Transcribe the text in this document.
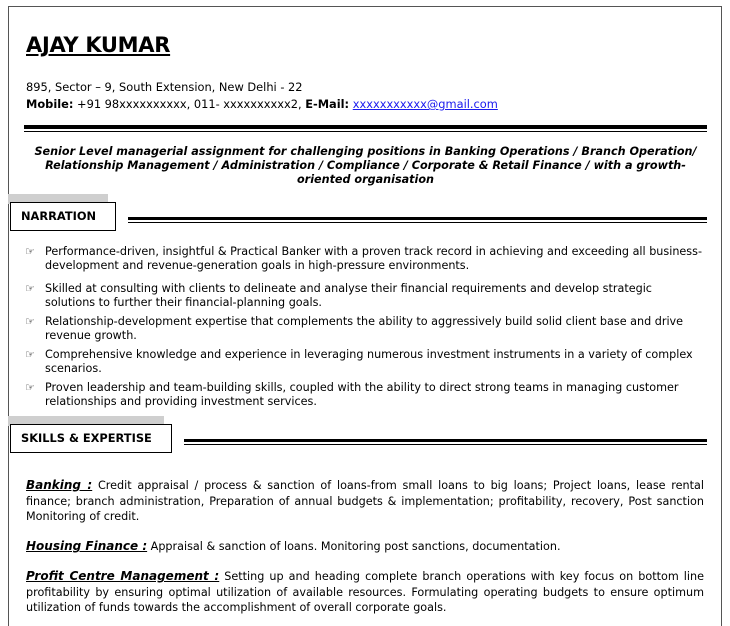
AJAY KUMAR
895, Sector – 9, South Extension, New Delhi - 22
Mobile: +91 98xxxxxxxxxx, 011- xxxxxxxxxx2, E-Mail: xxxxxxxxxxx@gmail.com
Senior Level managerial assignment for challenging positions in Banking Operations / Branch Operation/
Relationship Management / Administration / Compliance / Corporate & Retail Finance / with a growth-
oriented organisation
NARRATION
☞ Performance-driven, insightful & Practical Banker with a proven track record in achieving and exceeding all business-development and revenue-generation goals in high-pressure environments.
☞ Skilled at consulting with clients to delineate and analyse their financial requirements and develop strategic solutions to further their financial-planning goals.
☞ Relationship-development expertise that complements the ability to aggressively build solid client base and drive revenue growth.
☞ Comprehensive knowledge and experience in leveraging numerous investment instruments in a variety of complex scenarios.
☞ Proven leadership and team-building skills, coupled with the ability to direct strong teams in managing customer relationships and providing investment services.
SKILLS & EXPERTISE
Banking : Credit appraisal / process & sanction of loans-from small loans to big loans; Project loans, lease rental finance; branch administration, Preparation of annual budgets & implementation; profitability, recovery, Post sanction Monitoring of credit.
Housing Finance : Appraisal & sanction of loans. Monitoring post sanctions, documentation.
Profit Centre Management : Setting up and heading complete branch operations with key focus on bottom line profitability by ensuring optimal utilization of available resources. Formulating operating budgets to ensure optimum utilization of funds towards the accomplishment of overall corporate goals.
